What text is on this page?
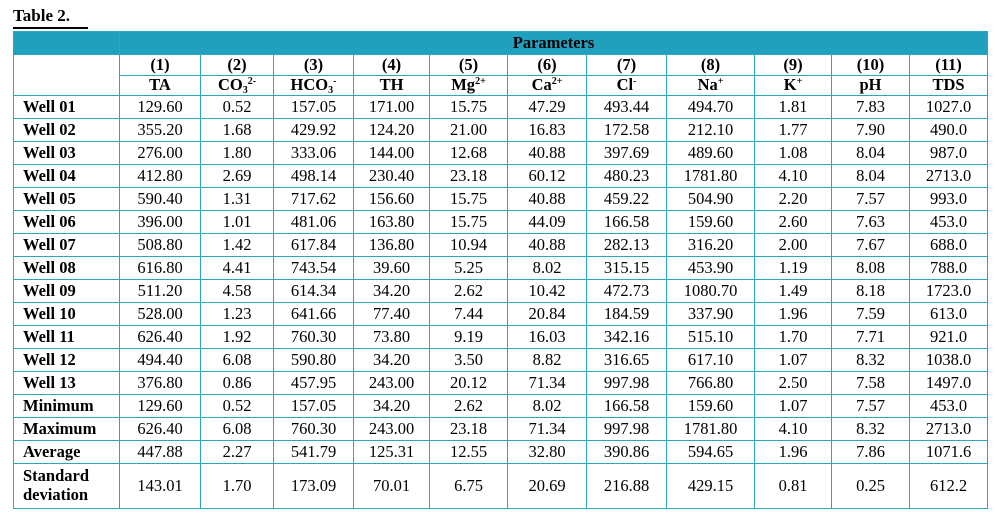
Table 2.
	Parameters										
	(1)	(2)	(3)	(4)	(5)	(6)	(7)	(8)	(9)	(10)	(11)
	TA	$CO_3^{2-}$	$HCO_3^-$	TH	$Mg^{2+}$	$Ca^{2+}$	Cl-	Na+	K+	pH	TDS
Well 01	129.60	0.52	157.05	171.00	15.75	47.29	493.44	494.70	1.81	7.83	1027.0
Well 02	355.20	1.68	429.92	124.20	21.00	16.83	172.58	212.10	1.77	7.90	490.0
Well 03	276.00	1.80	333.06	144.00	12.68	40.88	397.69	489.60	1.08	8.04	987.0
Well 04	412.80	2.69	498.14	230.40	23.18	60.12	480.23	1781.80	4.10	8.04	2713.0
Well 05	590.40	1.31	717.62	156.60	15.75	40.88	459.22	504.90	2.20	7.57	993.0
Well 06	396.00	1.01	481.06	163.80	15.75	44.09	166.58	159.60	2.60	7.63	453.0
Well 07	508.80	1.42	617.84	136.80	10.94	40.88	282.13	316.20	2.00	7.67	688.0
Well 08	616.80	4.41	743.54	39.60	5.25	8.02	315.15	453.90	1.19	8.08	788.0
Well 09	511.20	4.58	614.34	34.20	2.62	10.42	472.73	1080.70	1.49	8.18	1723.0
Well 10	528.00	1.23	641.66	77.40	7.44	20.84	184.59	337.90	1.96	7.59	613.0
Well 11	626.40	1.92	760.30	73.80	9.19	16.03	342.16	515.10	1.70	7.71	921.0
Well 12	494.40	6.08	590.80	34.20	3.50	8.82	316.65	617.10	1.07	8.32	1038.0
Well 13	376.80	0.86	457.95	243.00	20.12	71.34	997.98	766.80	2.50	7.58	1497.0
Minimum	129.60	0.52	157.05	34.20	2.62	8.02	166.58	159.60	1.07	7.57	453.0
Maximum	626.40	6.08	760.30	243.00	23.18	71.34	997.98	1781.80	4.10	8.32	2713.0
Average	447.88	2.27	541.79	125.31	12.55	32.80	390.86	594.65	1.96	7.86	1071.6

Standard
deviation	143.01	1.70	173.09	70.01	6.75	20.69	216.88	429.15	0.81	0.25	612.2
